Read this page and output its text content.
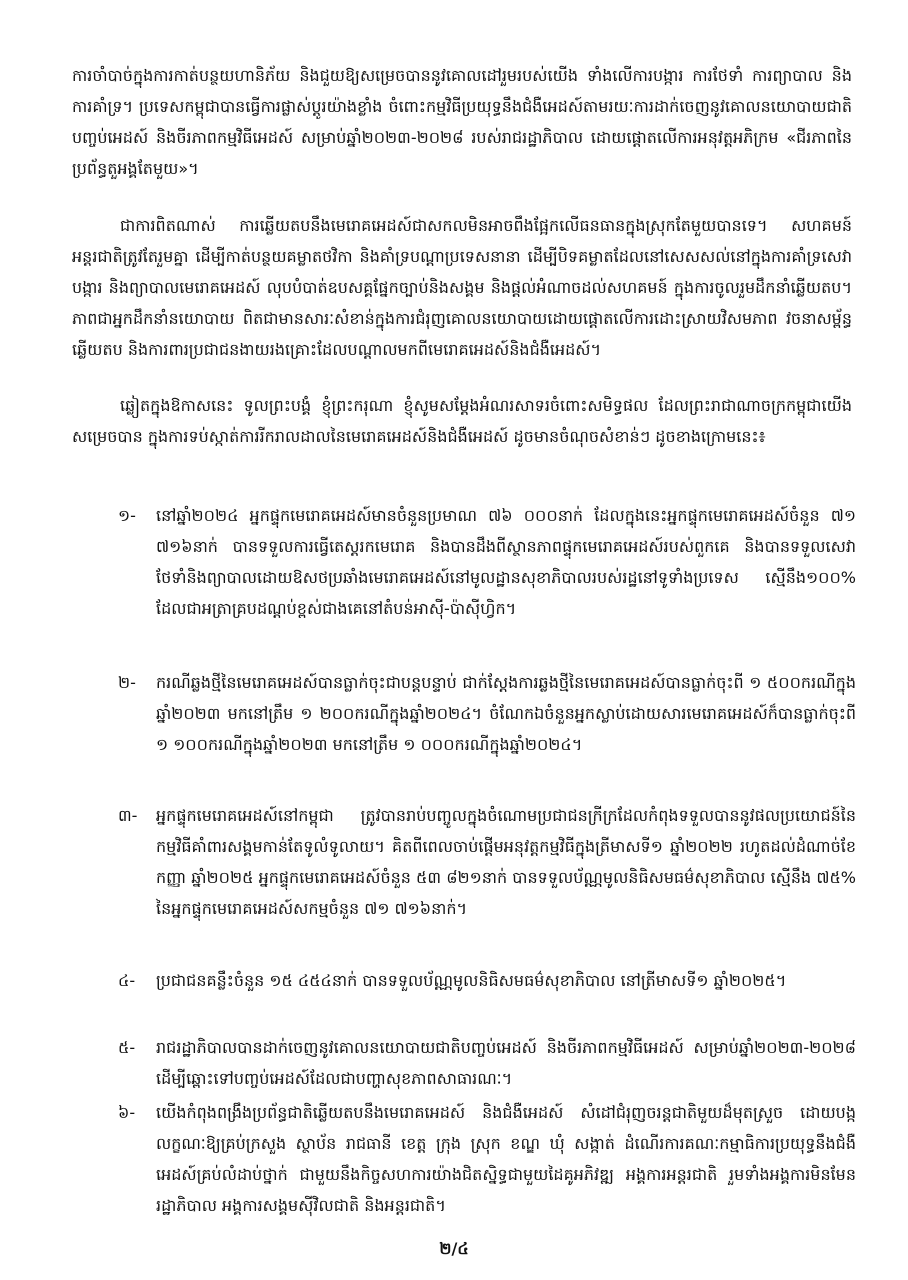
ការចាំបាច់ក្នុងការកាត់បន្ថយហានិភ័យ និងជួយឱ្យសម្រេចបាននូវគោលដៅរួមរបស់យើង ទាំងលើការបង្ការ ការថែទាំ ការព្យាបាល និងការគាំទ្រ។ ប្រទេសកម្ពុជាបានធ្វើការផ្លាស់ប្តូរយ៉ាងខ្លាំង ចំពោះកម្មវិធីប្រយុទ្ធនឹងជំងឺអេដស៍តាមរយៈការដាក់ចេញនូវគោលនយោបាយជាតិបញ្ចប់អេដស៍ និងចីរភាពកម្មវិធីអេដស៍ សម្រាប់ឆ្នាំ២០២៣-២០២៨ របស់រាជរដ្ឋាភិបាល ដោយផ្តោតលើការអនុវត្តអភិក្រម «ជីរភាពនៃប្រព័ន្ធតួអង្គតែមួយ»។
ជាការពិតណាស់ ការឆ្លើយតបនឹងមេរោគអេដស៍ជាសកលមិនអាចពឹងផ្អែកលើធនធានក្នុងស្រុកតែមួយបានទេ។ សហគមន៍អន្តរជាតិត្រូវតែរួមគ្នា ដើម្បីកាត់បន្ថយគម្លាតថវិកា និងគាំទ្របណ្តាប្រទេសនានា ដើម្បីបិទគម្លាតដែលនៅសេសសល់នៅក្នុងការគាំទ្រសេវាបង្ការ និងព្យាបាលមេរោគអេដស៍ លុបបំបាត់ឧបសគ្គផ្នែកច្បាប់និងសង្គម និងផ្តល់អំណាចដល់សហគមន៍ ក្នុងការចូលរួមដឹកនាំឆ្លើយតប។ ភាពជាអ្នកដឹកនាំនយោបាយ ពិតជាមានសារៈសំខាន់ក្នុងការជំរុញគោលនយោបាយដោយផ្តោតលើការដោះស្រាយវិសមភាព វចនាសម្ព័ន្ធឆ្លើយតប និងការពារប្រជាជនងាយរងគ្រោះដែលបណ្តាលមកពីមេរោគអេដស៍និងជំងឺអេដស៍។
ឆ្លៀតក្នុងឱកាសនេះ ទូលព្រះបង្គំ ខ្ញុំព្រះករុណា ខ្ញុំសូមសម្តែងអំណរសាទរចំពោះសមិទ្ធផល ដែលព្រះរាជាណាចក្រកម្ពុជាយើងសម្រេចបាន ក្នុងការទប់ស្កាត់ការរីករាលដាលនៃមេរោគអេដស៍និងជំងឺអេដស៍ ដូចមានចំណុចសំខាន់ៗ ដូចខាងក្រោមនេះ៖
១-	នៅឆ្នាំ២០២៤ អ្នកផ្ទុកមេរោគអេដស៍មានចំនួនប្រមាណ ៧៦ ០០០នាក់ ដែលក្នុងនេះអ្នកផ្ទុកមេរោគអេដស៍ចំនួន ៧១ ៧១៦នាក់ បានទទួលការធ្វើតេស្តរកមេរោគ និងបានដឹងពីស្ថានភាពផ្ទុកមេរោគអេដស៍របស់ពួកគេ និងបានទទួលសេវាថែទាំនិងព្យាបាលដោយឱសថប្រឆាំងមេរោគអេដស៍នៅមូលដ្ឋានសុខាភិបាលរបស់រដ្ឋនៅទូទាំងប្រទេស ស្មើនឹង១០០% ដែលជាអត្រាគ្របដណ្តប់ខ្ពស់ជាងគេនៅតំបន់អាស៊ី-ប៉ាស៊ីហ្វិក។
២-	ករណីឆ្លងថ្មីនៃមេរោគអេដស៍បានធ្លាក់ចុះជាបន្តបន្ទាប់ ជាក់ស្តែងការឆ្លងថ្មីនៃមេរោគអេដស៍បានធ្លាក់ចុះពី ១ ៥០០ករណីក្នុងឆ្នាំ២០២៣ មកនៅត្រឹម ១ ២០០ករណីក្នុងឆ្នាំ២០២៤។ ចំណែកឯចំនួនអ្នកស្លាប់ដោយសារមេរោគអេដស៍ក៏បានធ្លាក់ចុះពី ១ ១០០ករណីក្នុងឆ្នាំ២០២៣ មកនៅត្រឹម ១ ០០០ករណីក្នុងឆ្នាំ២០២៤។
៣-	អ្នកផ្ទុកមេរោគអេដស៍នៅកម្ពុជា ត្រូវបានរាប់បញ្ចូលក្នុងចំណោមប្រជាជនក្រីក្រដែលកំពុងទទួលបាននូវផលប្រយោជន៍នៃកម្មវិធីគាំពារសង្គមកាន់តែទូលំទូលាយ។ គិតពីពេលចាប់ផ្តើមអនុវត្តកម្មវិធីក្នុងត្រីមាសទី១ ឆ្នាំ២០២២ រហូតដល់ដំណាច់ខែកញ្ញា ឆ្នាំ២០២៥ អ្នកផ្ទុកមេរោគអេដស៍ចំនួន ៥៣ ៨២១នាក់ បានទទួលប័ណ្ណមូលនិធិសមធម៌សុខាភិបាល ស្មើនឹង ៧៥% នៃអ្នកផ្ទុកមេរោគអេដស៍សកម្មចំនួន ៧១ ៧១៦នាក់។
៤-	ប្រជាជនគន្លឹះចំនួន ១៥ ៤៥៤នាក់ បានទទួលប័ណ្ណមូលនិធិសមធម៌សុខាភិបាល នៅត្រីមាសទី១ ឆ្នាំ២០២៥។
៥-	រាជរដ្ឋាភិបាលបានដាក់ចេញនូវគោលនយោបាយជាតិបញ្ចប់អេដស៍ និងចីរភាពកម្មវិធីអេដស៍ សម្រាប់ឆ្នាំ២០២៣-២០២៨ ដើម្បីឆ្ពោះទៅបញ្ចប់អេដស៍ដែលជាបញ្ហាសុខភាពសាធារណៈ។
៦-	យើងកំពុងពង្រឹងប្រព័ន្ធជាតិឆ្លើយតបនឹងមេរោគអេដស៍ និងជំងឺអេដស៍ សំដៅជំរុញចរន្តជាតិមួយដ៏មុតស្រួច ដោយបង្កលក្ខណៈឱ្យគ្រប់ក្រសួង ស្ថាប័ន រាជធានី ខេត្ត ក្រុង ស្រុក ខណ្ឌ ឃុំ សង្កាត់ ដំណើរការគណៈកម្មាធិការប្រយុទ្ធនឹងជំងឺអេដស៍គ្រប់លំដាប់ថ្នាក់ ជាមួយនឹងកិច្ចសហការយ៉ាងជិតស្និទ្ធជាមួយដៃគូអភិវឌ្ឍ អង្គការអន្តរជាតិ រួមទាំងអង្គការមិនមែនរដ្ឋាភិបាល អង្គការសង្គមស៊ីវិលជាតិ និងអន្តរជាតិ។
២/៤
